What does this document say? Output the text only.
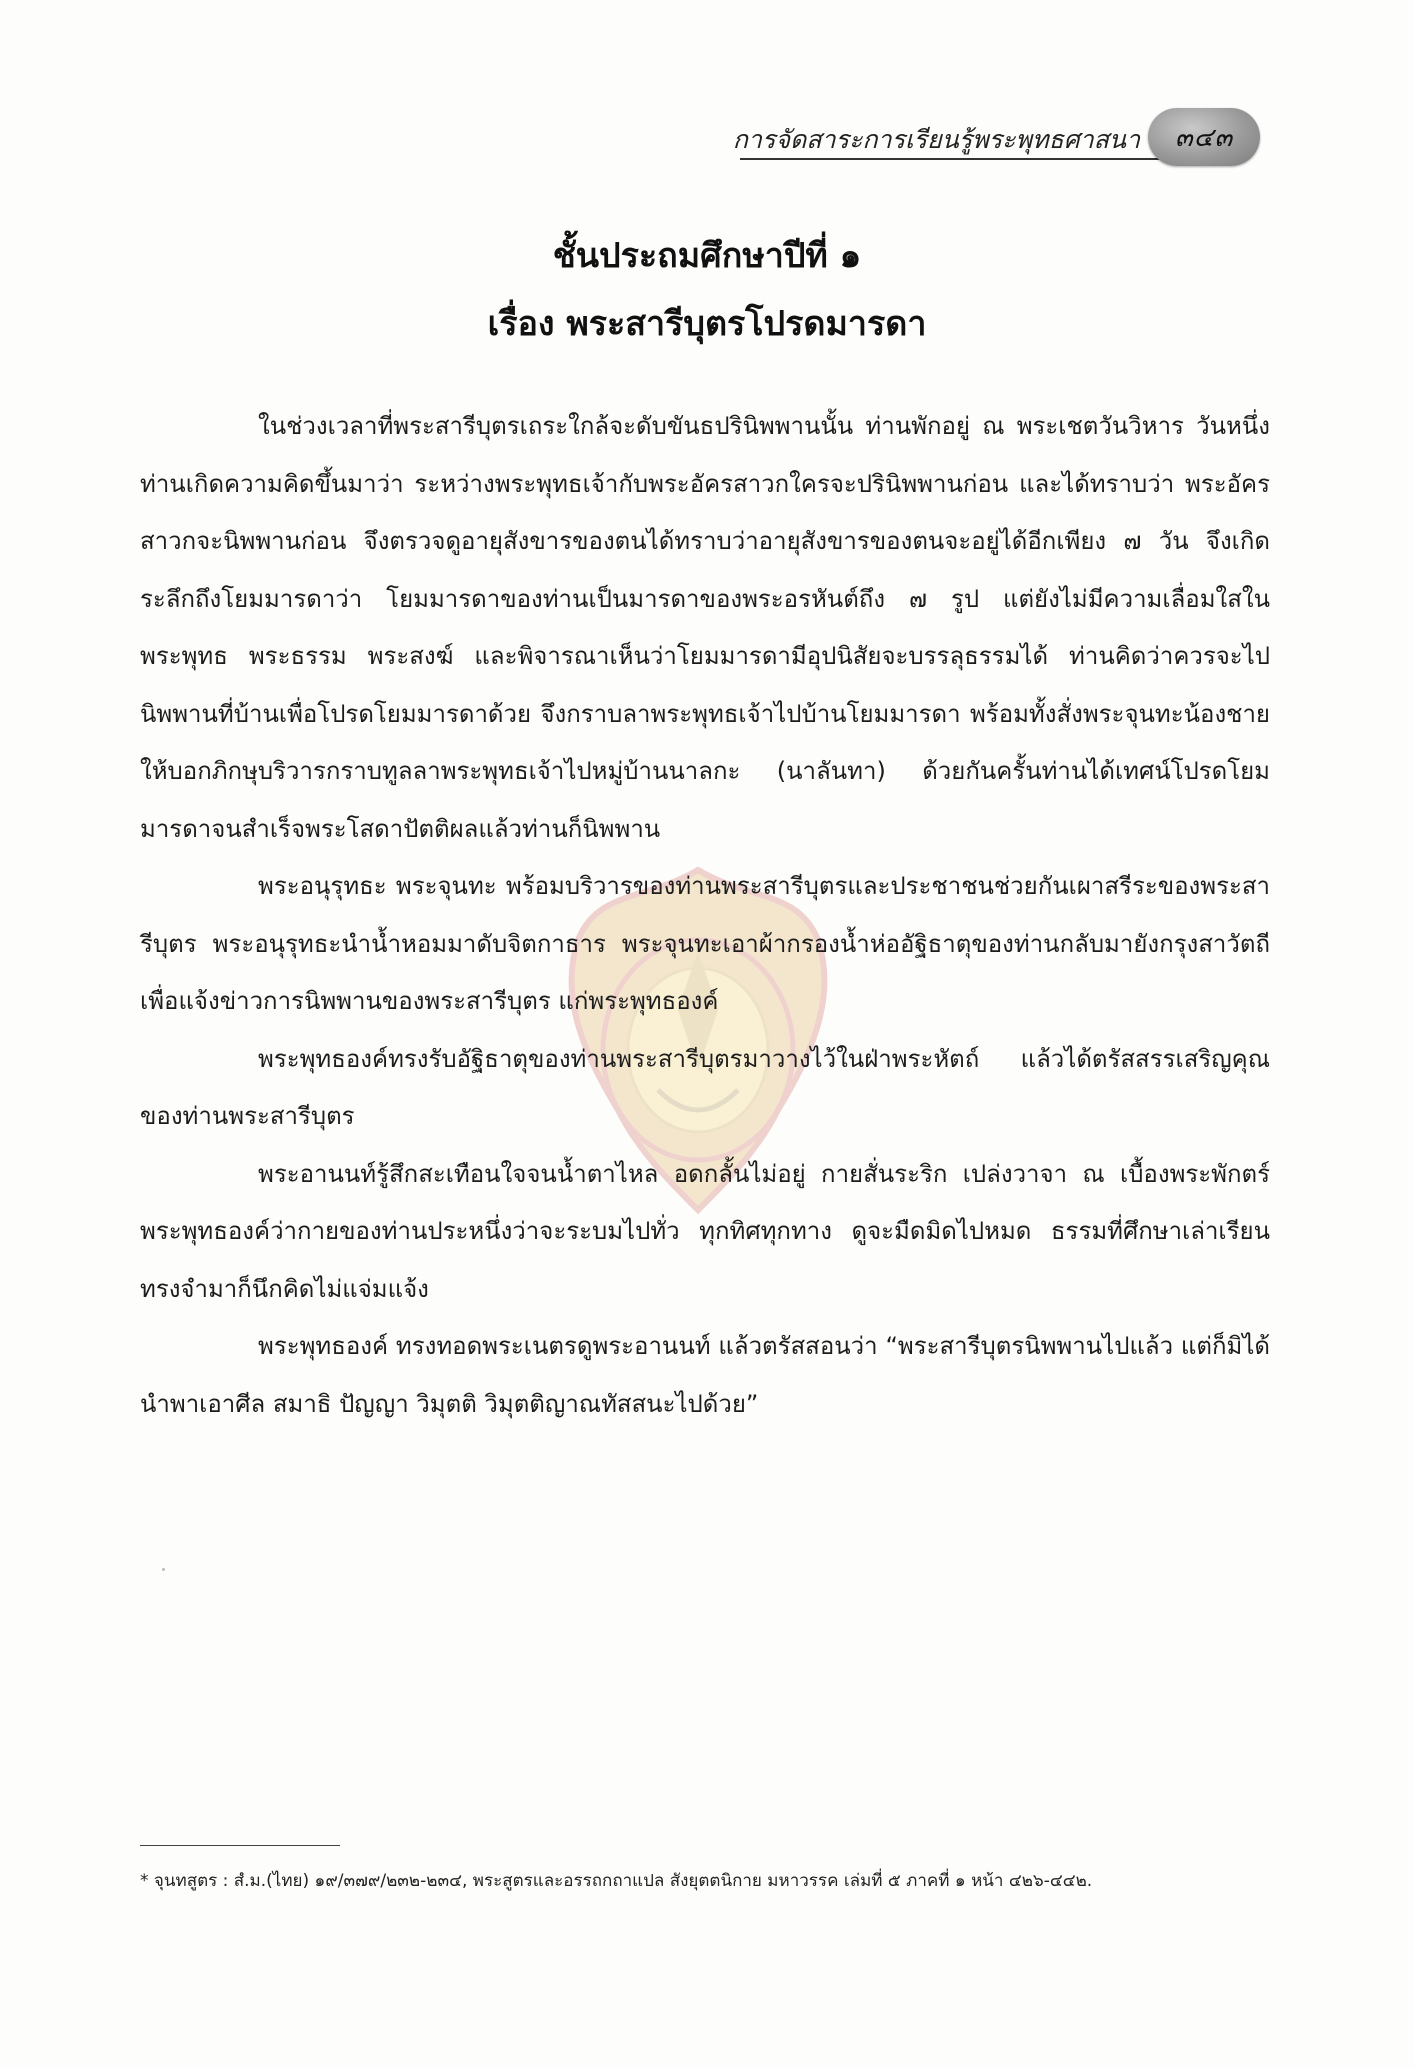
การจัดสาระการเรียนรู้พระพุทธศาสนา	๓๔๓
ชั้นประถมศึกษาปีที่ ๑
เรื่อง พระสารีบุตรโปรดมารดา

ในช่วงเวลาที่พระสารีบุตรเถระใกล้จะดับขันธปรินิพพานนั้น ท่านพักอยู่ ณ พระเชตวันวิหาร วันหนึ่งท่านเกิดความคิดขึ้นมาว่า ระหว่างพระพุทธเจ้ากับพระอัครสาวกใครจะปรินิพพานก่อน และได้ทราบว่า พระอัครสาวกจะนิพพานก่อน จึงตรวจดูอายุสังขารของตนได้ทราบว่าอายุสังขารของตนจะอยู่ได้อีกเพียง ๗ วัน จึงเกิดระลึกถึงโยมมารดาว่า โยมมารดาของท่านเป็นมารดาของพระอรหันต์ถึง ๗ รูป แต่ยังไม่มีความเลื่อมใสในพระพุทธ พระธรรม พระสงฆ์ และพิจารณาเห็นว่าโยมมารดามีอุปนิสัยจะบรรลุธรรมได้ ท่านคิดว่าควรจะไปนิพพานที่บ้านเพื่อโปรดโยมมารดาด้วย จึงกราบลาพระพุทธเจ้าไปบ้านโยมมารดา พร้อมทั้งสั่งพระจุนทะน้องชายให้บอกภิกษุบริวารกราบทูลลาพระพุทธเจ้าไปหมู่บ้านนาลกะ (นาลันทา) ด้วยกันครั้นท่านได้เทศน์โปรดโยมมารดาจนสำเร็จพระโสดาปัตติผลแล้วท่านก็นิพพาน

พระอนุรุทธะ พระจุนทะ พร้อมบริวารของท่านพระสารีบุตรและประชาชนช่วยกันเผาสรีระของพระสารีบุตร พระอนุรุทธะนำน้ำหอมมาดับจิตกาธาร พระจุนทะเอาผ้ากรองน้ำห่ออัฐิธาตุของท่านกลับมายังกรุงสาวัตถีเพื่อแจ้งข่าวการนิพพานของพระสารีบุตร แก่พระพุทธองค์

พระพุทธองค์ทรงรับอัฐิธาตุของท่านพระสารีบุตรมาวางไว้ในฝ่าพระหัตถ์ แล้วได้ตรัสสรรเสริญคุณของท่านพระสารีบุตร

พระอานนท์รู้สึกสะเทือนใจจนน้ำตาไหล อดกลั้นไม่อยู่ กายสั่นระริก เปล่งวาจา ณ เบื้องพระพักตร์พระพุทธองค์ว่ากายของท่านประหนึ่งว่าจะระบมไปทั่ว ทุกทิศทุกทาง ดูจะมืดมิดไปหมด ธรรมที่ศึกษาเล่าเรียนทรงจำมาก็นึกคิดไม่แจ่มแจ้ง

พระพุทธองค์ ทรงทอดพระเนตรดูพระอานนท์ แล้วตรัสสอนว่า “พระสารีบุตรนิพพานไปแล้ว แต่ก็มิได้นำพาเอาศีล สมาธิ ปัญญา วิมุตติ วิมุตติญาณทัสสนะไปด้วย”

* จุนทสูตร : สํ.ม.(ไทย) ๑๙/๓๗๙/๒๓๒-๒๓๔, พระสูตรและอรรถกถาแปล สังยุตตนิกาย มหาวรรค เล่มที่ ๕ ภาคที่ ๑ หน้า ๔๒๖-๔๔๒.
